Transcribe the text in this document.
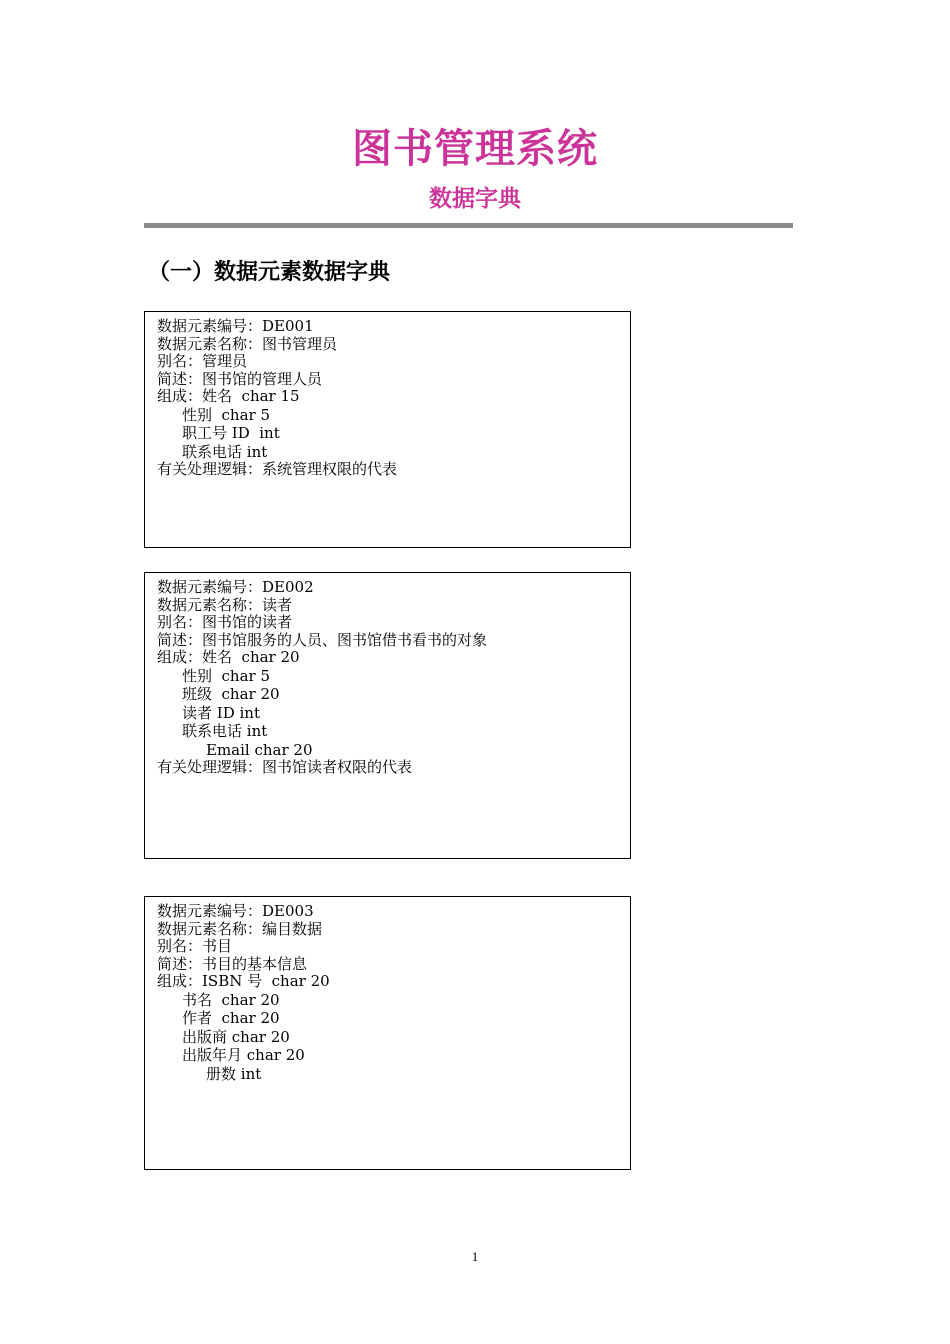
图书管理系统
数据字典
（一）数据元素数据字典
数据元素编号：DE001
数据元素名称：图书管理员
别名：管理员
简述：图书馆的管理人员
组成：姓名  char 15
性别  char 5
职工号 ID  int
联系电话 int
有关处理逻辑：系统管理权限的代表
数据元素编号：DE002
数据元素名称：读者
别名：图书馆的读者
简述：图书馆服务的人员、图书馆借书看书的对象
组成：姓名  char 20
性别  char 5
班级  char 20
读者 ID int
联系电话 int
Email char 20
有关处理逻辑：图书馆读者权限的代表
数据元素编号：DE003
数据元素名称：编目数据
别名：书目
简述：书目的基本信息
组成：ISBN 号  char 20
书名  char 20
作者  char 20
出版商 char 20
出版年月 char 20
册数 int
1
